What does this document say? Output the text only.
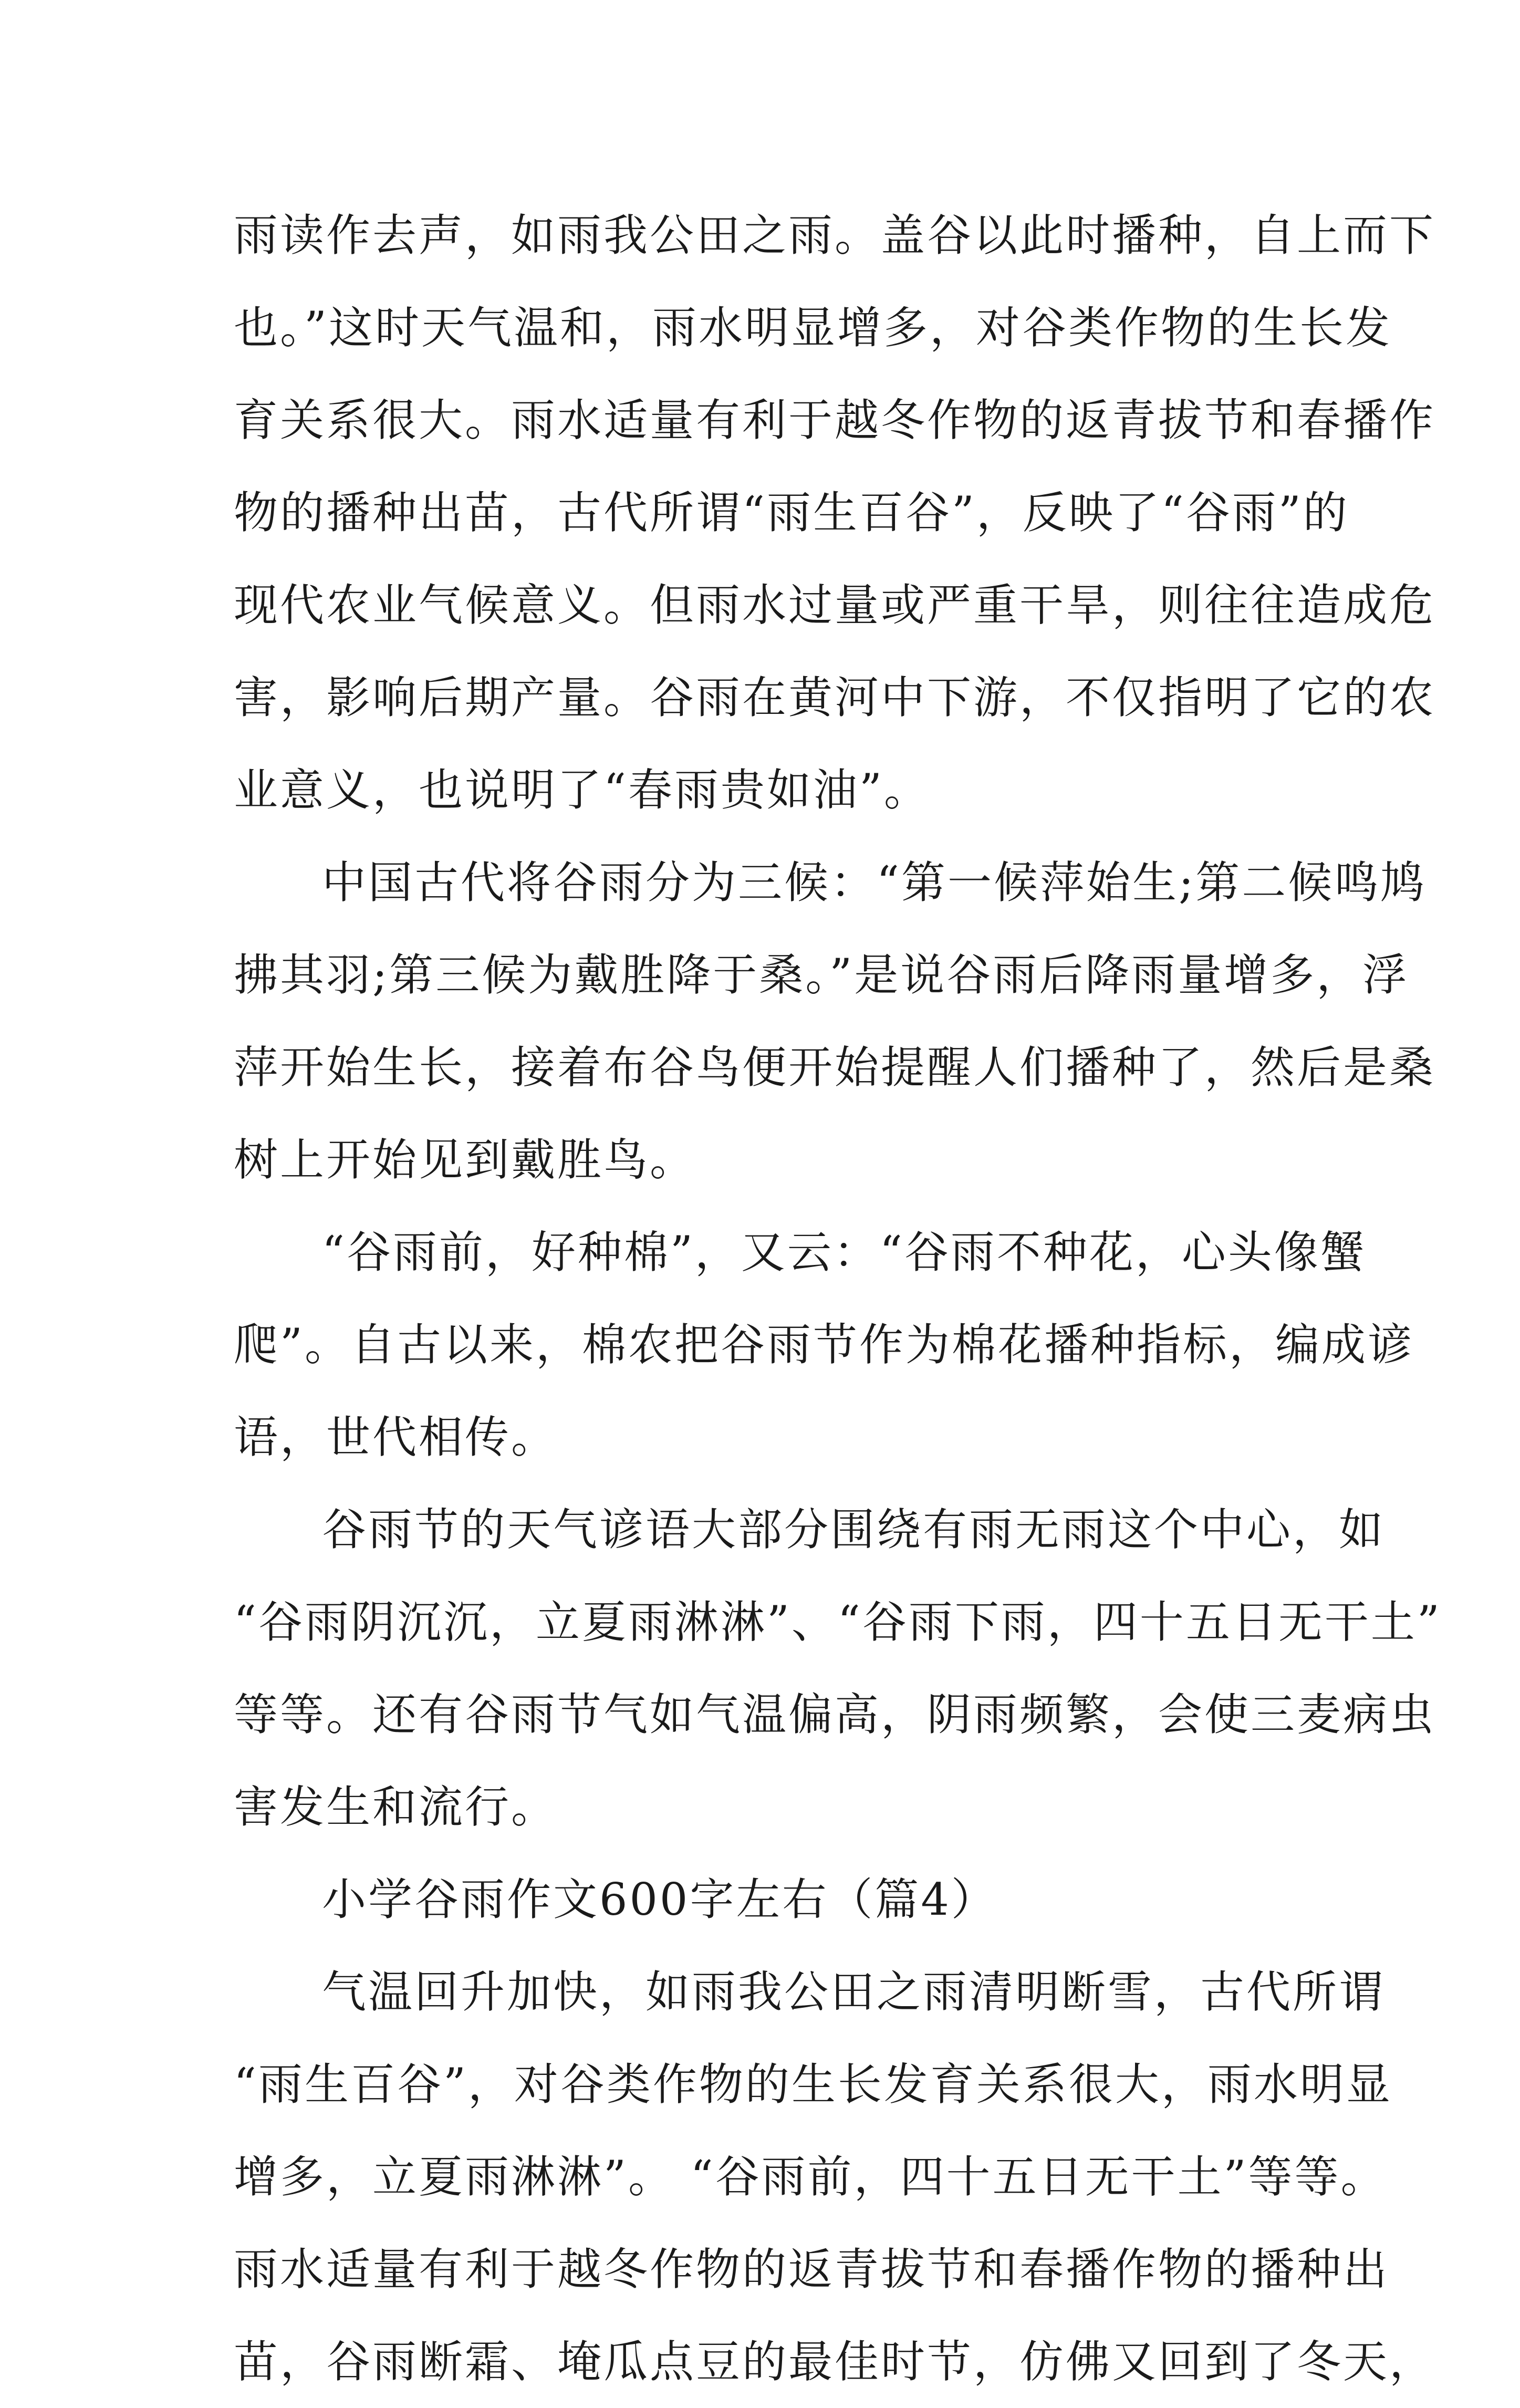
雨读作去声，如雨我公田之雨。盖谷以此时播种，自上而下
也。”这时天气温和，雨水明显增多，对谷类作物的生长发
育关系很大。雨水适量有利于越冬作物的返青拔节和春播作
物的播种出苗，古代所谓“雨生百谷”，反映了“谷雨”的
现代农业气候意义。但雨水过量或严重干旱，则往往造成危
害，影响后期产量。谷雨在黄河中下游，不仅指明了它的农
业意义，也说明了“春雨贵如油”。
中国古代将谷雨分为三候：“第一候萍始生;第二候鸣鸠
拂其羽;第三候为戴胜降于桑。”是说谷雨后降雨量增多，浮
萍开始生长，接着布谷鸟便开始提醒人们播种了，然后是桑
树上开始见到戴胜鸟。
“谷雨前，好种棉”，又云：“谷雨不种花，心头像蟹
爬”。自古以来，棉农把谷雨节作为棉花播种指标，编成谚
语，世代相传。
谷雨节的天气谚语大部分围绕有雨无雨这个中心，如
“谷雨阴沉沉，立夏雨淋淋”、“谷雨下雨，四十五日无干土”
等等。还有谷雨节气如气温偏高，阴雨频繁，会使三麦病虫
害发生和流行。
小学谷雨作文600字左右（篇4）
气温回升加快，如雨我公田之雨清明断雪，古代所谓
“雨生百谷”，对谷类作物的生长发育关系很大，雨水明显
增多，立夏雨淋淋”。 “谷雨前，四十五日无干土”等等。
雨水适量有利于越冬作物的返青拔节和春播作物的播种出
苗，谷雨断霜、埯瓜点豆的最佳时节，仿佛又回到了冬天，
